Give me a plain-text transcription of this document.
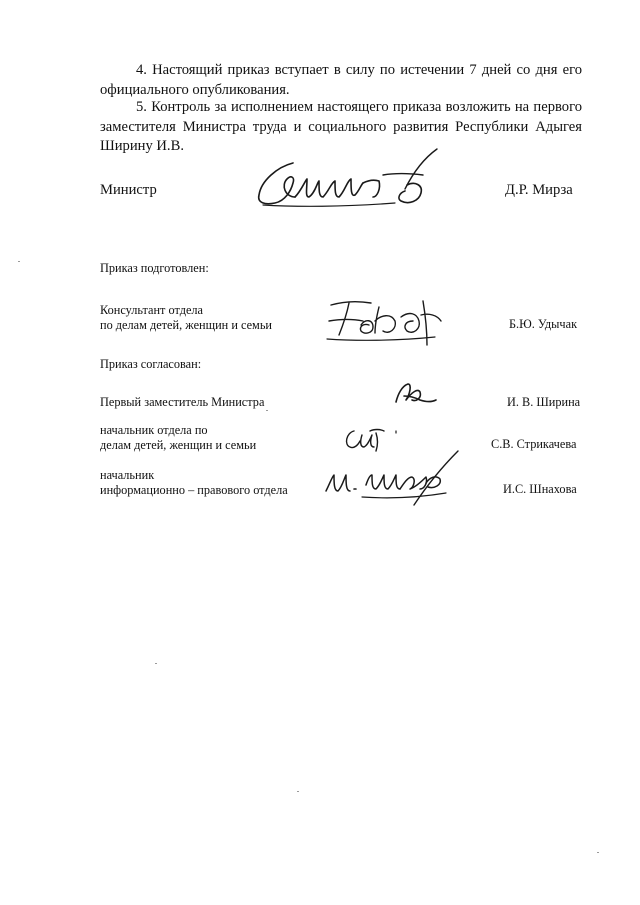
4. Настоящий приказ вступает в силу по истечении 7 дней со дня его официального опубликования.

5. Контроль за исполнением настоящего приказа возложить на первого заместителя Министра труда и социального развития Республики Адыгея Ширину И.В.

Министр	Д.Р. Мирза
Приказ подготовлен:
Консультант отдела
по делам детей, женщин и семьи	Б.Ю. Удычак
Приказ согласован:
Первый заместитель Министра	И. В. Ширина
начальник отдела по
делам детей, женщин и семьи	С.В. Стрикачева
начальник
информационно – правового отдела	И.С. Шнахова
